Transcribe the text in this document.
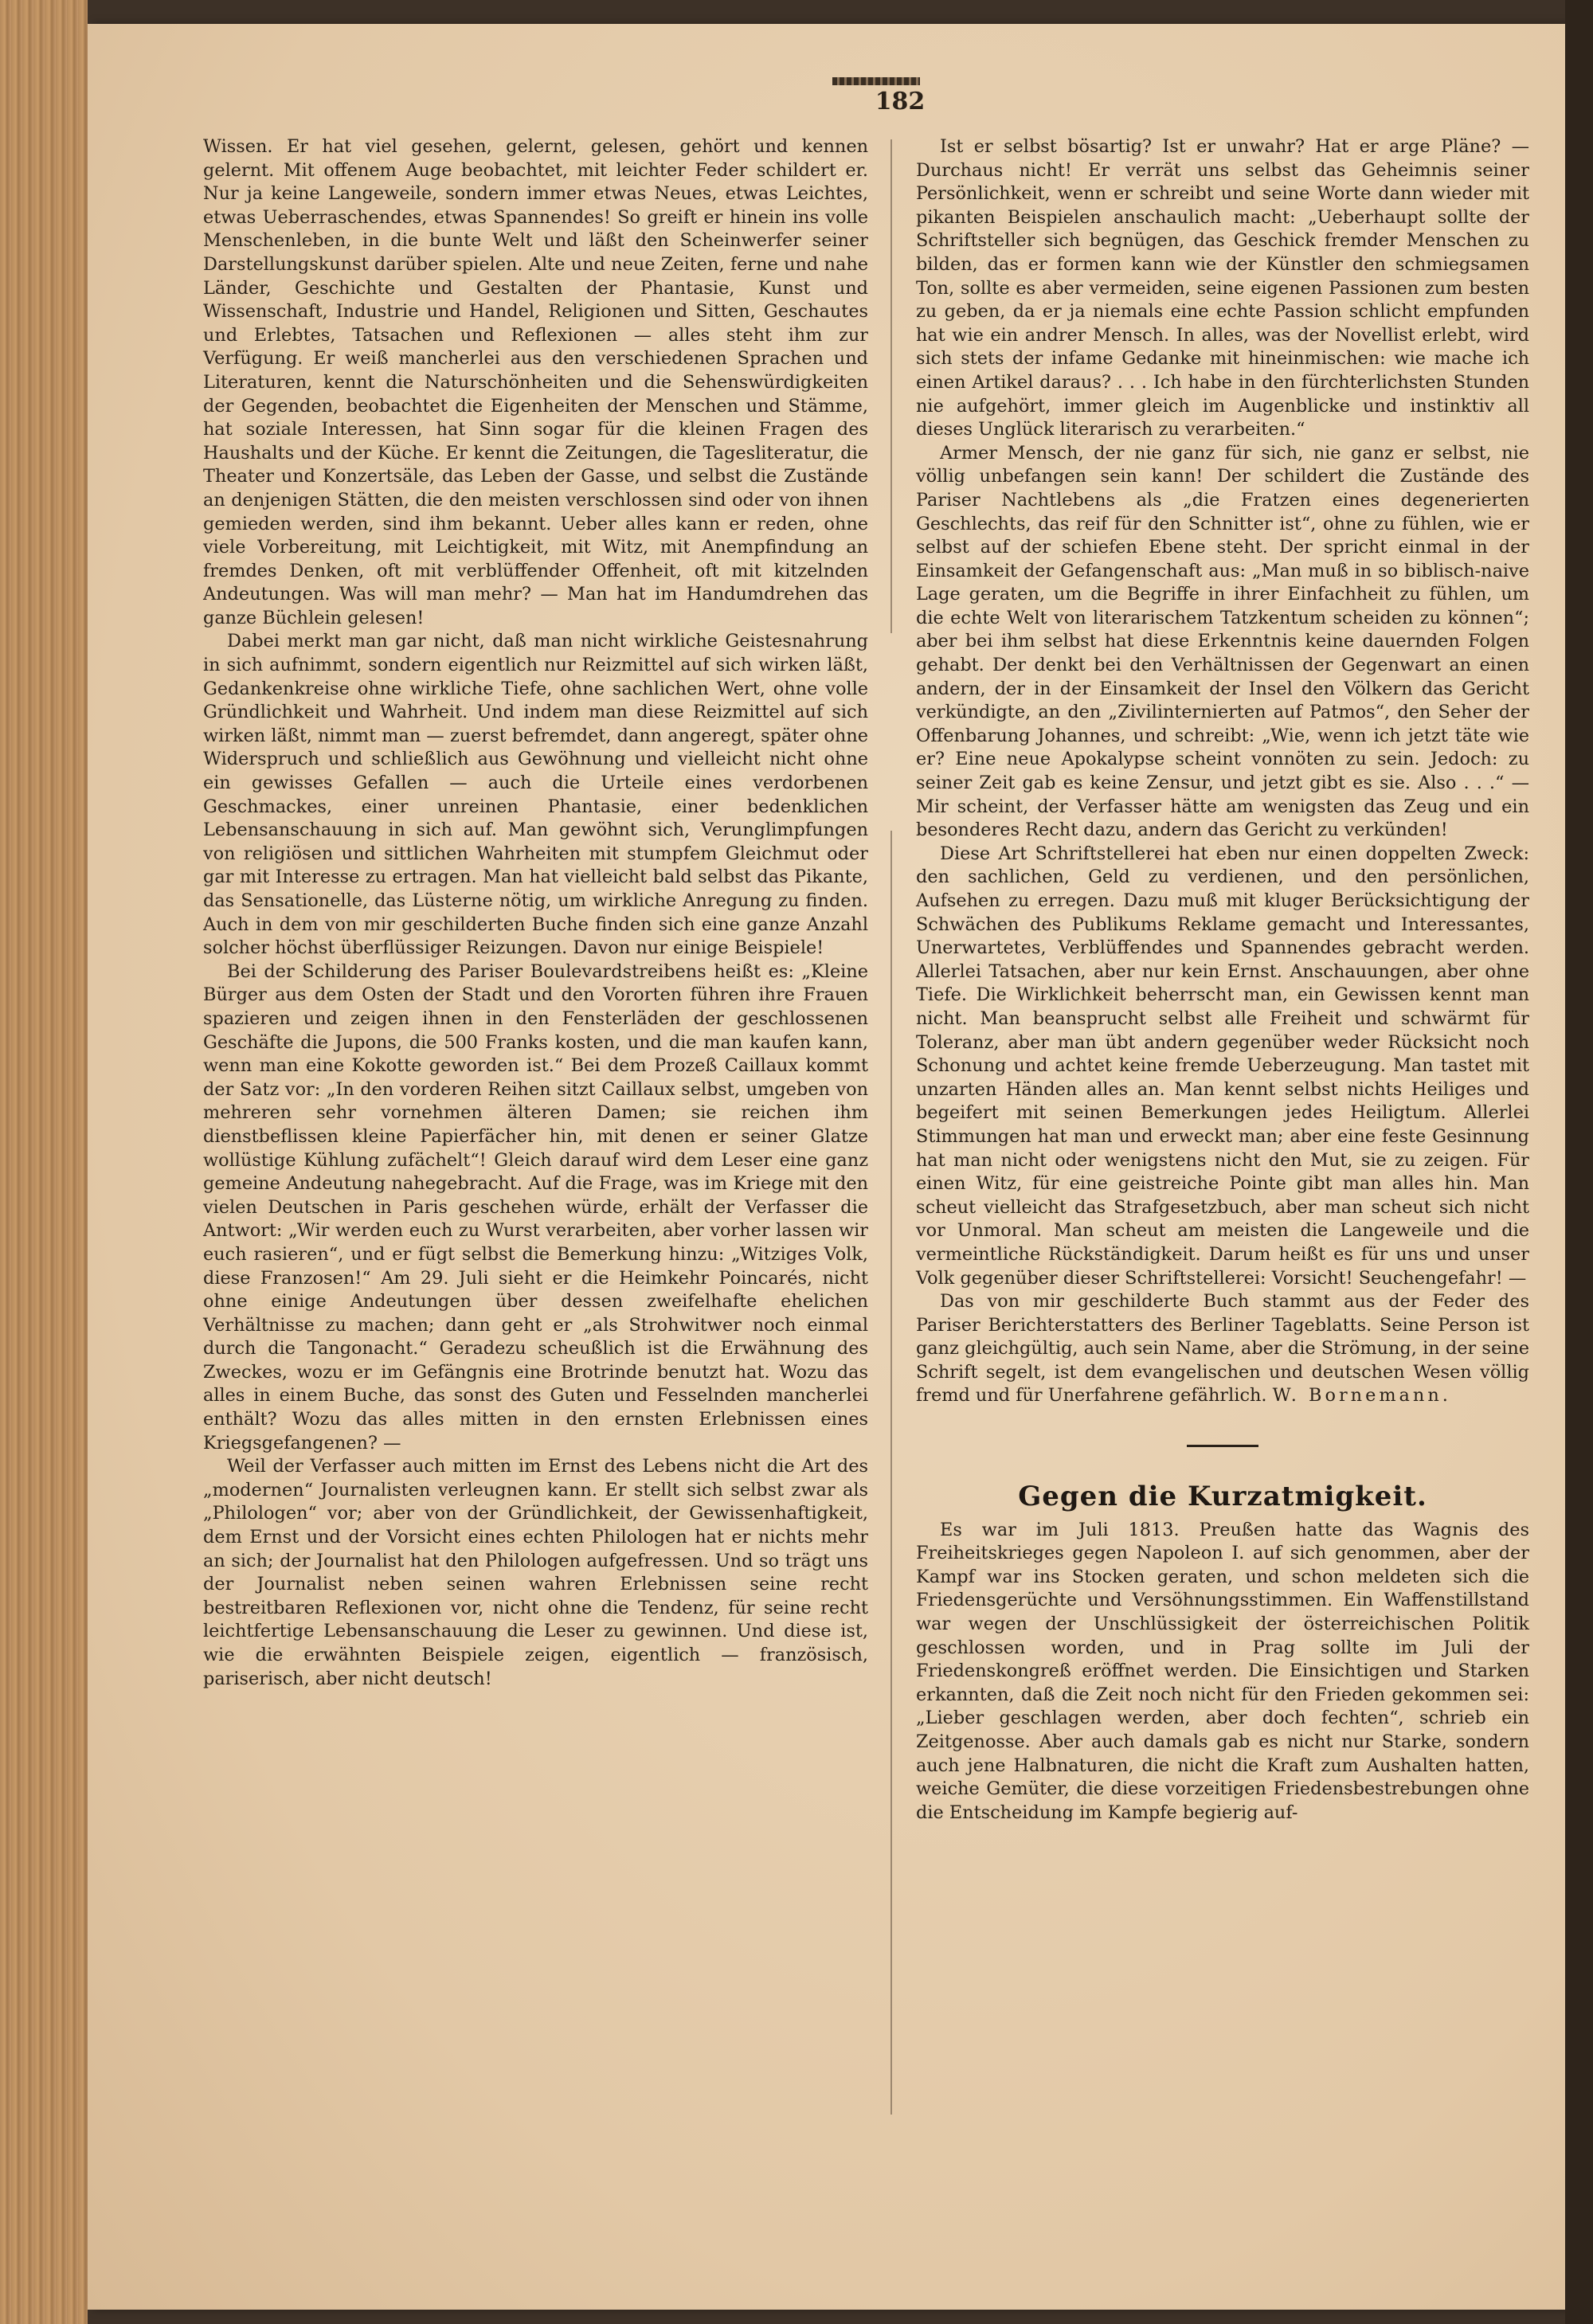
182

Wissen. Er hat viel gesehen, gelernt, gelesen, gehört und kennen gelernt. Mit offenem Auge beobachtet, mit leichter Feder schildert er. Nur ja keine Langeweile, sondern immer etwas Neues, etwas Leichtes, etwas Ueberraschendes, etwas Spannendes! So greift er hinein ins volle Menschenleben, in die bunte Welt und läßt den Scheinwerfer seiner Darstellungskunst darüber spielen. Alte und neue Zeiten, ferne und nahe Länder, Geschichte und Gestalten der Phantasie, Kunst und Wissenschaft, Industrie und Handel, Religionen und Sitten, Geschautes und Erlebtes, Tatsachen und Reflexionen — alles steht ihm zur Verfügung. Er weiß mancherlei aus den verschiedenen Sprachen und Literaturen, kennt die Naturschönheiten und die Sehenswürdigkeiten der Gegenden, beobachtet die Eigenheiten der Menschen und Stämme, hat soziale Interessen, hat Sinn sogar für die kleinen Fragen des Haushalts und der Küche. Er kennt die Zeitungen, die Tagesliteratur, die Theater und Konzertsäle, das Leben der Gasse, und selbst die Zustände an denjenigen Stätten, die den meisten verschlossen sind oder von ihnen gemieden werden, sind ihm bekannt. Ueber alles kann er reden, ohne viele Vorbereitung, mit Leichtigkeit, mit Witz, mit Anempfindung an fremdes Denken, oft mit verblüffender Offenheit, oft mit kitzelnden Andeutungen. Was will man mehr? — Man hat im Handumdrehen das ganze Büchlein gelesen!

Dabei merkt man gar nicht, daß man nicht wirkliche Geistesnahrung in sich aufnimmt, sondern eigentlich nur Reizmittel auf sich wirken läßt, Gedankenkreise ohne wirkliche Tiefe, ohne sachlichen Wert, ohne volle Gründlichkeit und Wahrheit. Und indem man diese Reizmittel auf sich wirken läßt, nimmt man — zuerst befremdet, dann angeregt, später ohne Widerspruch und schließlich aus Gewöhnung und vielleicht nicht ohne ein gewisses Gefallen — auch die Urteile eines verdorbenen Geschmackes, einer unreinen Phantasie, einer bedenklichen Lebensanschauung in sich auf. Man gewöhnt sich, Verunglimpfungen von religiösen und sittlichen Wahrheiten mit stumpfem Gleichmut oder gar mit Interesse zu ertragen. Man hat vielleicht bald selbst das Pikante, das Sensationelle, das Lüsterne nötig, um wirkliche Anregung zu finden. Auch in dem von mir geschilderten Buche finden sich eine ganze Anzahl solcher höchst überflüssiger Reizungen. Davon nur einige Beispiele!

Bei der Schilderung des Pariser Boulevardstreibens heißt es: „Kleine Bürger aus dem Osten der Stadt und den Vororten führen ihre Frauen spazieren und zeigen ihnen in den Fensterläden der geschlossenen Geschäfte die Jupons, die 500 Franks kosten, und die man kaufen kann, wenn man eine Kokotte geworden ist.“ Bei dem Prozeß Caillaux kommt der Satz vor: „In den vorderen Reihen sitzt Caillaux selbst, umgeben von mehreren sehr vornehmen älteren Damen; sie reichen ihm dienstbeflissen kleine Papierfächer hin, mit denen er seiner Glatze wollüstige Kühlung zufächelt“! Gleich darauf wird dem Leser eine ganz gemeine Andeutung nahegebracht. Auf die Frage, was im Kriege mit den vielen Deutschen in Paris geschehen würde, erhält der Verfasser die Antwort: „Wir werden euch zu Wurst verarbeiten, aber vorher lassen wir euch rasieren“, und er fügt selbst die Bemerkung hinzu: „Witziges Volk, diese Franzosen!“ Am 29. Juli sieht er die Heimkehr Poincarés, nicht ohne einige Andeutungen über dessen zweifelhafte ehelichen Verhältnisse zu machen; dann geht er „als Strohwitwer noch einmal durch die Tangonacht.“ Geradezu scheußlich ist die Erwähnung des Zweckes, wozu er im Gefängnis eine Brotrinde benutzt hat. Wozu das alles in einem Buche, das sonst des Guten und Fesselnden mancherlei enthält? Wozu das alles mitten in den ernsten Erlebnissen eines Kriegsgefangenen? —

Weil der Verfasser auch mitten im Ernst des Lebens nicht die Art des „modernen“ Journalisten verleugnen kann. Er stellt sich selbst zwar als „Philologen“ vor; aber von der Gründlichkeit, der Gewissenhaftigkeit, dem Ernst und der Vorsicht eines echten Philologen hat er nichts mehr an sich; der Journalist hat den Philologen aufgefressen. Und so trägt uns der Journalist neben seinen wahren Erlebnissen seine recht bestreitbaren Reflexionen vor, nicht ohne die Tendenz, für seine recht leichtfertige Lebensanschauung die Leser zu gewinnen. Und diese ist, wie die erwähnten Beispiele zeigen, eigentlich — französisch, pariserisch, aber nicht deutsch!

Ist er selbst bösartig? Ist er unwahr? Hat er arge Pläne? — Durchaus nicht! Er verrät uns selbst das Geheimnis seiner Persönlichkeit, wenn er schreibt und seine Worte dann wieder mit pikanten Beispielen anschaulich macht: „Ueberhaupt sollte der Schriftsteller sich begnügen, das Geschick fremder Menschen zu bilden, das er formen kann wie der Künstler den schmiegsamen Ton, sollte es aber vermeiden, seine eigenen Passionen zum besten zu geben, da er ja niemals eine echte Passion schlicht empfunden hat wie ein andrer Mensch. In alles, was der Novellist erlebt, wird sich stets der infame Gedanke mit hineinmischen: wie mache ich einen Artikel daraus? . . . Ich habe in den fürchterlichsten Stunden nie aufgehört, immer gleich im Augenblicke und instinktiv all dieses Unglück literarisch zu verarbeiten.“

Armer Mensch, der nie ganz für sich, nie ganz er selbst, nie völlig unbefangen sein kann! Der schildert die Zustände des Pariser Nachtlebens als „die Fratzen eines degenerierten Geschlechts, das reif für den Schnitter ist“, ohne zu fühlen, wie er selbst auf der schiefen Ebene steht. Der spricht einmal in der Einsamkeit der Gefangenschaft aus: „Man muß in so biblisch-naive Lage geraten, um die Begriffe in ihrer Einfachheit zu fühlen, um die echte Welt von literarischem Tatzkentum scheiden zu können“; aber bei ihm selbst hat diese Erkenntnis keine dauernden Folgen gehabt. Der denkt bei den Verhältnissen der Gegenwart an einen andern, der in der Einsamkeit der Insel den Völkern das Gericht verkündigte, an den „Zivilinternierten auf Patmos“, den Seher der Offenbarung Johannes, und schreibt: „Wie, wenn ich jetzt täte wie er? Eine neue Apokalypse scheint vonnöten zu sein. Jedoch: zu seiner Zeit gab es keine Zensur, und jetzt gibt es sie. Also . . .“ — Mir scheint, der Verfasser hätte am wenigsten das Zeug und ein besonderes Recht dazu, andern das Gericht zu verkünden!

Diese Art Schriftstellerei hat eben nur einen doppelten Zweck: den sachlichen, Geld zu verdienen, und den persönlichen, Aufsehen zu erregen. Dazu muß mit kluger Berücksichtigung der Schwächen des Publikums Reklame gemacht und Interessantes, Unerwartetes, Verblüffendes und Spannendes gebracht werden. Allerlei Tatsachen, aber nur kein Ernst. Anschauungen, aber ohne Tiefe. Die Wirklichkeit beherrscht man, ein Gewissen kennt man nicht. Man beansprucht selbst alle Freiheit und schwärmt für Toleranz, aber man übt andern gegenüber weder Rücksicht noch Schonung und achtet keine fremde Ueberzeugung. Man tastet mit unzarten Händen alles an. Man kennt selbst nichts Heiliges und begeifert mit seinen Bemerkungen jedes Heiligtum. Allerlei Stimmungen hat man und erweckt man; aber eine feste Gesinnung hat man nicht oder wenigstens nicht den Mut, sie zu zeigen. Für einen Witz, für eine geistreiche Pointe gibt man alles hin. Man scheut vielleicht das Strafgesetzbuch, aber man scheut sich nicht vor Unmoral. Man scheut am meisten die Langeweile und die vermeintliche Rückständigkeit. Darum heißt es für uns und unser Volk gegenüber dieser Schriftstellerei: Vorsicht! Seuchengefahr! —

Das von mir geschilderte Buch stammt aus der Feder des Pariser Berichterstatters des Berliner Tageblatts. Seine Person ist ganz gleichgültig, auch sein Name, aber die Strömung, in der seine Schrift segelt, ist dem evangelischen und deutschen Wesen völlig fremd und für Unerfahrene gefährlich. W. Bornemann.

Gegen die Kurzatmigkeit.

Es war im Juli 1813. Preußen hatte das Wagnis des Freiheitskrieges gegen Napoleon I. auf sich genommen, aber der Kampf war ins Stocken geraten, und schon meldeten sich die Friedensgerüchte und Versöhnungsstimmen. Ein Waffenstillstand war wegen der Unschlüssigkeit der österreichischen Politik geschlossen worden, und in Prag sollte im Juli der Friedenskongreß eröffnet werden. Die Einsichtigen und Starken erkannten, daß die Zeit noch nicht für den Frieden gekommen sei: „Lieber geschlagen werden, aber doch fechten“, schrieb ein Zeitgenosse. Aber auch damals gab es nicht nur Starke, sondern auch jene Halbnaturen, die nicht die Kraft zum Aushalten hatten, weiche Gemüter, die diese vorzeitigen Friedensbestrebungen ohne die Entscheidung im Kampfe begierig auf-
